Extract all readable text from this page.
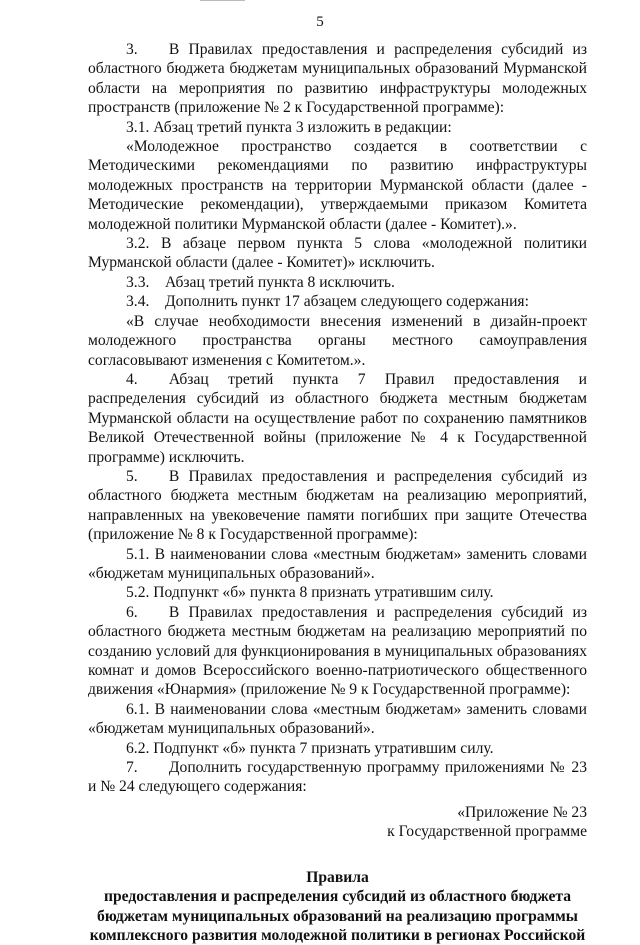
5

3.  В Правилах предоставления и распределения субсидий из областного бюджета бюджетам муниципальных образований Мурманской области на мероприятия по развитию инфраструктуры молодежных пространств (приложение № 2 к Государственной программе):

3.1. Абзац третий пункта 3 изложить в редакции:

«Молодежное пространство создается в соответствии с Методическими рекомендациями по развитию инфраструктуры молодежных пространств на территории Мурманской области (далее - Методические рекомендации), утверждаемыми приказом Комитета молодежной политики Мурманской области (далее - Комитет).».

3.2. В абзаце первом пункта 5 слова «молодежной политики Мурманской области (далее - Комитет)» исключить.

3.3. Абзац третий пункта 8 исключить.

3.4. Дополнить пункт 17 абзацем следующего содержания:

«В случае необходимости внесения изменений в дизайн-проект молодежного пространства органы местного самоуправления согласовывают изменения с Комитетом.».

4.  Абзац третий пункта 7 Правил предоставления и распределения субсидий из областного бюджета местным бюджетам Мурманской области на осуществление работ по сохранению памятников Великой Отечественной войны (приложение № 4 к Государственной программе) исключить.

5.  В Правилах предоставления и распределения субсидий из областного бюджета местным бюджетам на реализацию мероприятий, направленных на увековечение памяти погибших при защите Отечества (приложение № 8 к Государственной программе):

5.1. В наименовании слова «местным бюджетам» заменить словами «бюджетам муниципальных образований».

5.2. Подпункт «б» пункта 8 признать утратившим силу.

6.  В Правилах предоставления и распределения субсидий из областного бюджета местным бюджетам на реализацию мероприятий по созданию условий для функционирования в муниципальных образованиях комнат и домов Всероссийского военно-патриотического общественного движения «Юнармия» (приложение № 9 к Государственной программе):

6.1. В наименовании слова «местным бюджетам» заменить словами «бюджетам муниципальных образований».

6.2. Подпункт «б» пункта 7 признать утратившим силу.

7.  Дополнить государственную программу приложениями № 23 и № 24 следующего содержания:

«Приложение № 23
к Государственной программе
Правила
предоставления и распределения субсидий из областного бюджета
бюджетам муниципальных образований на реализацию программы
комплексного развития молодежной политики в регионах Российской
